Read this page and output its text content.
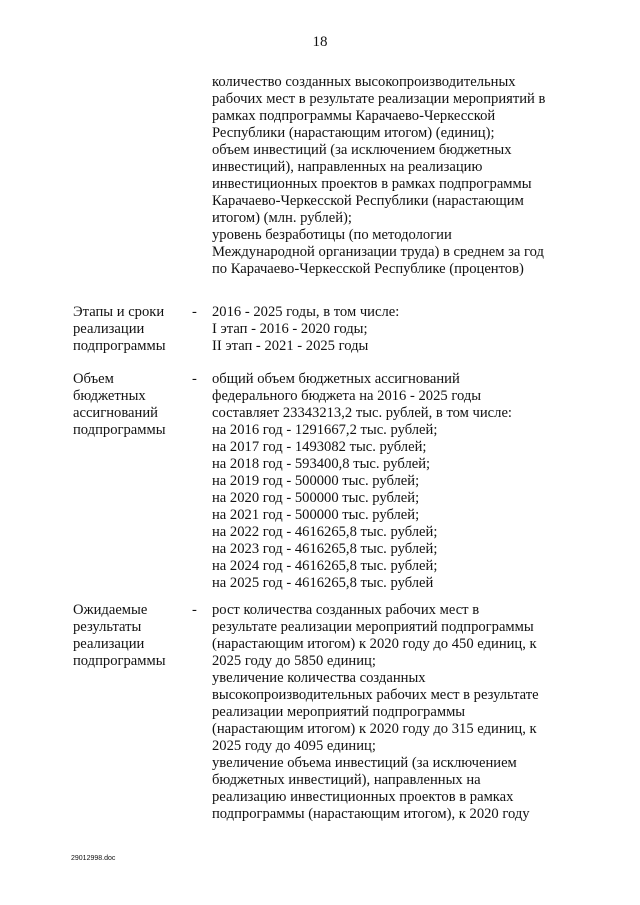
18
количество созданных высокопроизводительных
рабочих мест в результате реализации мероприятий в
рамках подпрограммы Карачаево-Черкесской
Республики (нарастающим итогом) (единиц);
объем инвестиций (за исключением бюджетных
инвестиций), направленных на реализацию
инвестиционных проектов в рамках подпрограммы
Карачаево-Черкесской Республики (нарастающим
итогом) (млн. рублей);
уровень безработицы (по методологии
Международной организации труда) в среднем за год
по Карачаево-Черкесской Республике (процентов)
Этапы и сроки
реализации
подпрограммы
- 2016 - 2025 годы, в том числе:
I этап - 2016 - 2020 годы;
II этап - 2021 - 2025 годы
Объем
бюджетных
ассигнований
подпрограммы
- общий объем бюджетных ассигнований
федерального бюджета на 2016 - 2025 годы
составляет 23343213,2 тыс. рублей, в том числе:
на 2016 год - 1291667,2 тыс. рублей;
на 2017 год - 1493082 тыс. рублей;
на 2018 год - 593400,8 тыс. рублей;
на 2019 год - 500000 тыс. рублей;
на 2020 год - 500000 тыс. рублей;
на 2021 год - 500000 тыс. рублей;
на 2022 год - 4616265,8 тыс. рублей;
на 2023 год - 4616265,8 тыс. рублей;
на 2024 год - 4616265,8 тыс. рублей;
на 2025 год - 4616265,8 тыс. рублей
Ожидаемые
результаты
реализации
подпрограммы
- рост количества созданных рабочих мест в
результате реализации мероприятий подпрограммы
(нарастающим итогом) к 2020 году до 450 единиц, к
2025 году до 5850 единиц;
увеличение количества созданных
высокопроизводительных рабочих мест в результате
реализации мероприятий подпрограммы
(нарастающим итогом) к 2020 году до 315 единиц, к
2025 году до 4095 единиц;
увеличение объема инвестиций (за исключением
бюджетных инвестиций), направленных на
реализацию инвестиционных проектов в рамках
подпрограммы (нарастающим итогом), к 2020 году
29012998.doc
